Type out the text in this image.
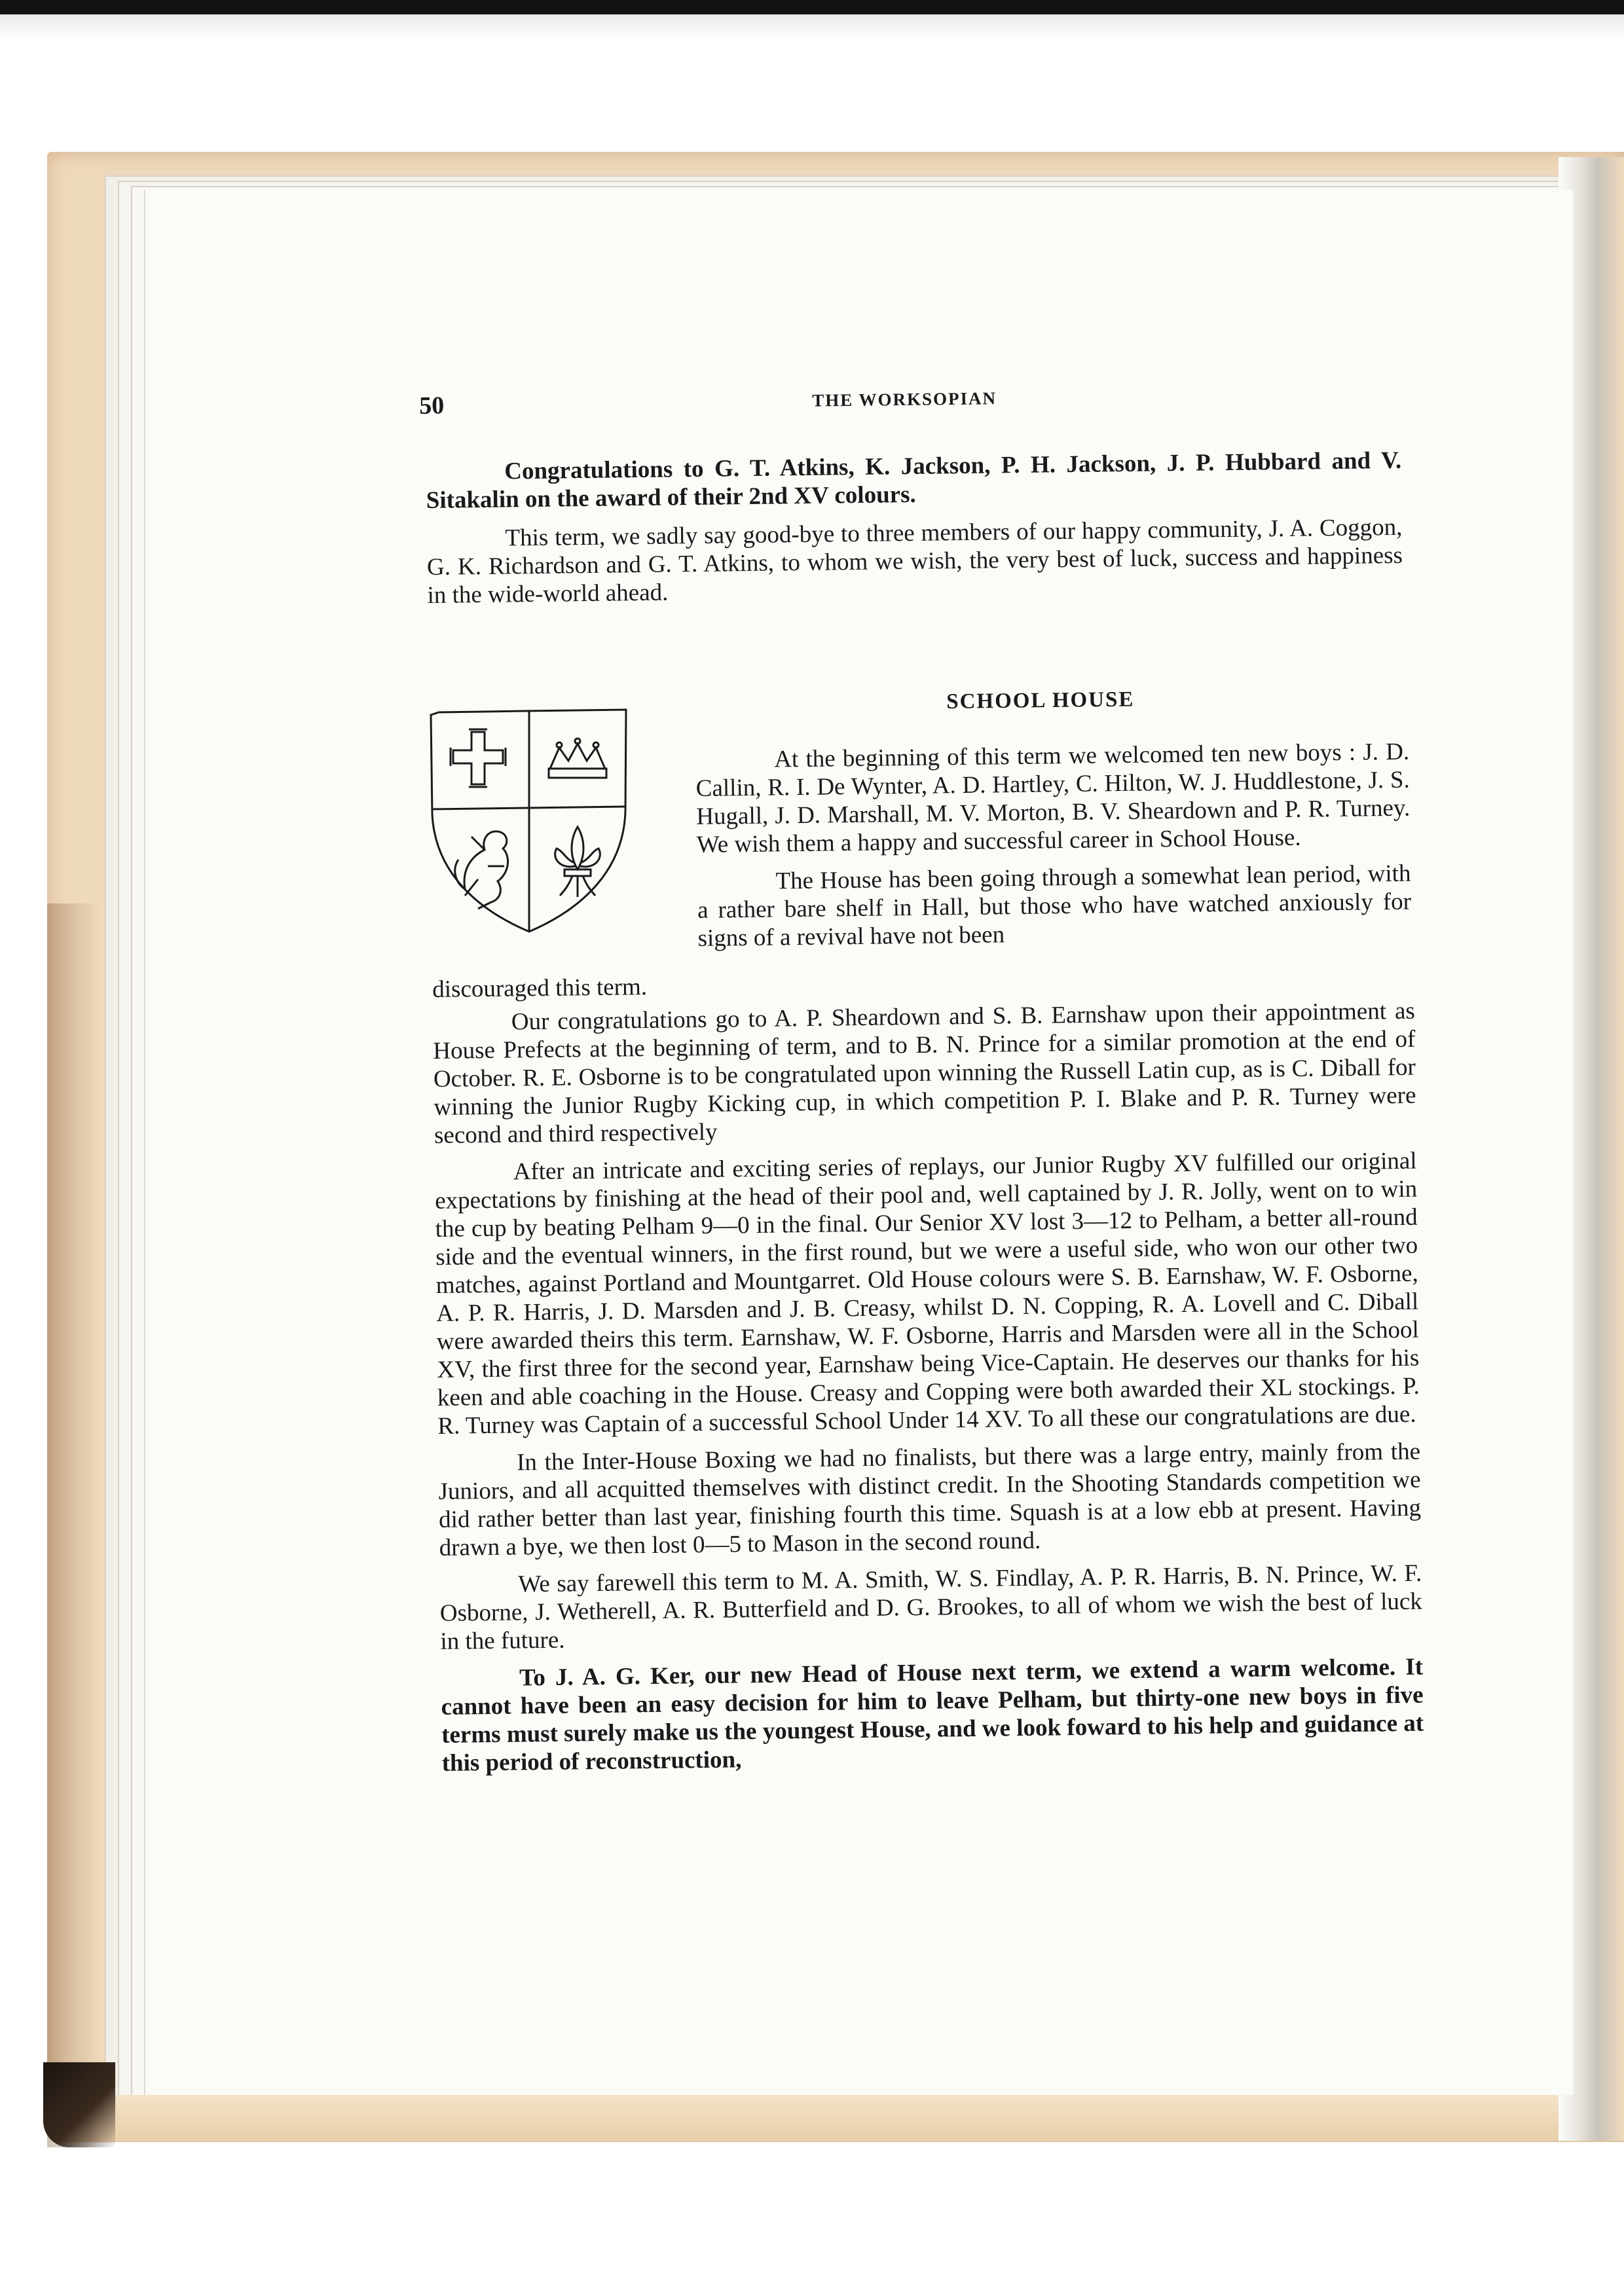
50	THE WORKSOPIAN

Congratulations to G. T. Atkins, K. Jackson, P. H. Jackson, J. P. Hubbard and V. Sitakalin on the award of their 2nd XV colours.

This term, we sadly say good-bye to three members of our happy community, J. A. Coggon, G. K. Richardson and G. T. Atkins, to whom we wish, the very best of luck, success and happiness in the wide-world ahead.

SCHOOL HOUSE

At the beginning of this term we welcomed ten new boys : J. D. Callin, R. I. De Wynter, A. D. Hartley, C. Hilton, W. J. Huddlestone, J. S. Hugall, J. D. Marshall, M. V. Morton, B. V. Sheardown and P. R. Turney. We wish them a happy and successful career in School House.

The House has been going through a somewhat lean period, with a rather bare shelf in Hall, but those who have watched anxiously for signs of a revival have not been

discouraged this term.

Our congratulations go to A. P. Sheardown and S. B. Earnshaw upon their appointment as House Prefects at the beginning of term, and to B. N. Prince for a similar promotion at the end of October. R. E. Osborne is to be congratulated upon winning the Russell Latin cup, as is C. Diball for winning the Junior Rugby Kicking cup, in which competition P. I. Blake and P. R. Turney were second and third respectively

After an intricate and exciting series of replays, our Junior Rugby XV fulfilled our original expectations by finishing at the head of their pool and, well captained by J. R. Jolly, went on to win the cup by beating Pelham 9—0 in the final. Our Senior XV lost 3—12 to Pelham, a better all-round side and the eventual winners, in the first round, but we were a useful side, who won our other two matches, against Portland and Mountgarret. Old House colours were S. B. Earnshaw, W. F. Osborne, A. P. R. Harris, J. D. Marsden and J. B. Creasy, whilst D. N. Copping, R. A. Lovell and C. Diball were awarded theirs this term. Earnshaw, W. F. Osborne, Harris and Marsden were all in the School XV, the first three for the second year, Earnshaw being Vice-Captain. He deserves our thanks for his keen and able coaching in the House. Creasy and Copping were both awarded their XL stockings. P. R. Turney was Captain of a successful School Under 14 XV. To all these our congratulations are due.

In the Inter-House Boxing we had no finalists, but there was a large entry, mainly from the Juniors, and all acquitted themselves with distinct credit. In the Shooting Standards competition we did rather better than last year, finishing fourth this time. Squash is at a low ebb at present. Having drawn a bye, we then lost 0—5 to Mason in the second round.

We say farewell this term to M. A. Smith, W. S. Findlay, A. P. R. Harris, B. N. Prince, W. F. Osborne, J. Wetherell, A. R. Butterfield and D. G. Brookes, to all of whom we wish the best of luck in the future.

To J. A. G. Ker, our new Head of House next term, we extend a warm welcome. It cannot have been an easy decision for him to leave Pelham, but thirty-one new boys in five terms must surely make us the youngest House, and we look foward to his help and guidance at this period of reconstruction,
